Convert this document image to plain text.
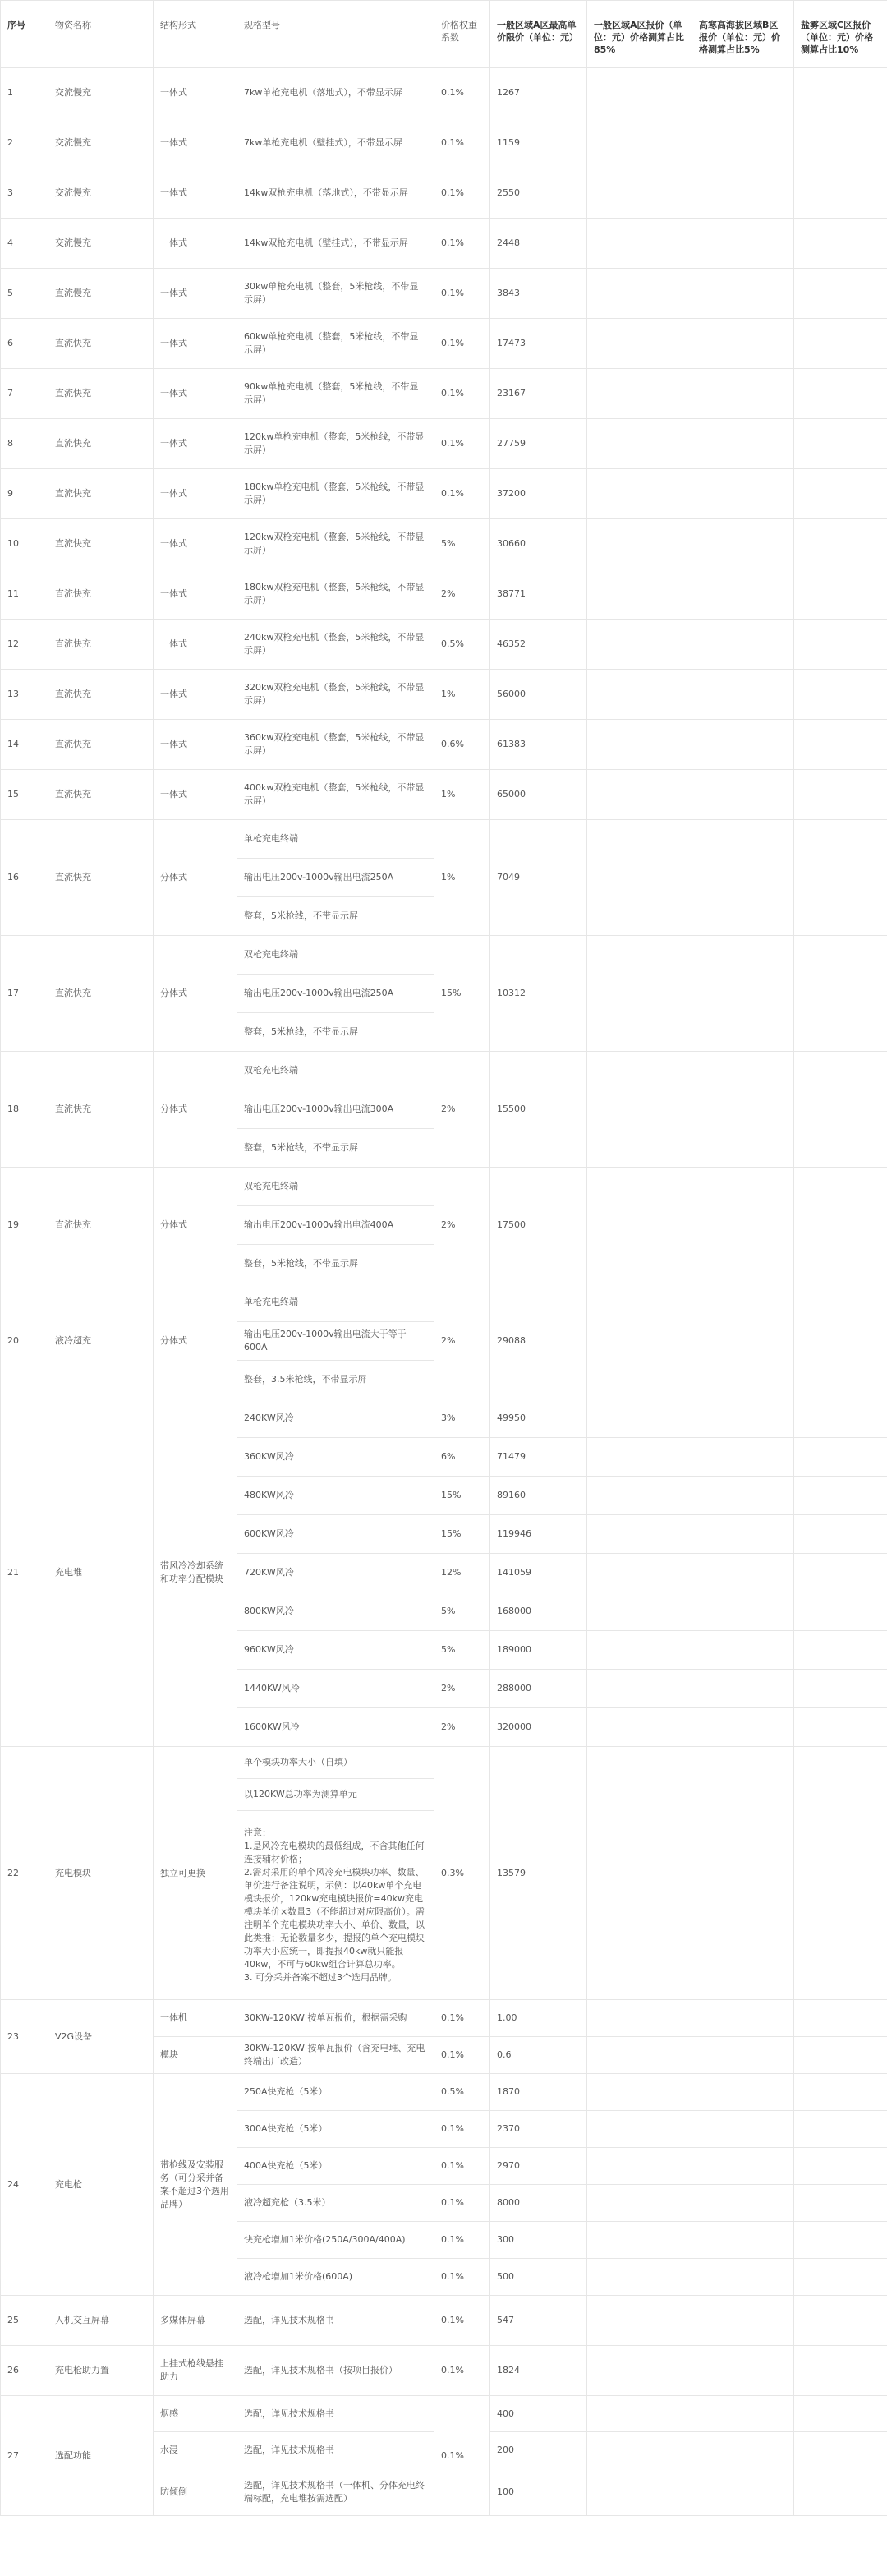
序号	物资名称	结构形式	规格型号	价格权重系数	一般区域A区最高单价限价（单位：元）	一般区域A区报价（单位：元）价格测算占比85%	高寒高海拔区域B区报价（单位：元）价格测算占比5%	盐雾区域C区报价（单位：元）价格测算占比10%
1	交流慢充	一体式	7kw单枪充电机（落地式），不带显示屏	0.1%	1267			
2	交流慢充	一体式	7kw单枪充电机（壁挂式），不带显示屏	0.1%	1159			
3	交流慢充	一体式	14kw双枪充电机（落地式），不带显示屏	0.1%	2550			
4	交流慢充	一体式	14kw双枪充电机（壁挂式），不带显示屏	0.1%	2448			
5	直流慢充	一体式	30kw单枪充电机（整套，5米枪线，不带显示屏）	0.1%	3843			
6	直流快充	一体式	60kw单枪充电机（整套，5米枪线，不带显示屏）	0.1%	17473			
7	直流快充	一体式	90kw单枪充电机（整套，5米枪线，不带显示屏）	0.1%	23167			
8	直流快充	一体式	120kw单枪充电机（整套，5米枪线，不带显示屏）	0.1%	27759			
9	直流快充	一体式	180kw单枪充电机（整套，5米枪线，不带显示屏）	0.1%	37200			
10	直流快充	一体式	120kw双枪充电机（整套，5米枪线，不带显示屏）	5%	30660			
11	直流快充	一体式	180kw双枪充电机（整套，5米枪线，不带显示屏）	2%	38771			
12	直流快充	一体式	240kw双枪充电机（整套，5米枪线，不带显示屏）	0.5%	46352			
13	直流快充	一体式	320kw双枪充电机（整套，5米枪线，不带显示屏）	1%	56000			
14	直流快充	一体式	360kw双枪充电机（整套，5米枪线，不带显示屏）	0.6%	61383			
15	直流快充	一体式	400kw双枪充电机（整套，5米枪线，不带显示屏）	1%	65000			
16	直流快充	分体式	单枪充电终端	1%	7049			
			输出电压200v-1000v输出电流250A					
			整套，5米枪线，不带显示屏					
17	直流快充	分体式	双枪充电终端	15%	10312			
			输出电压200v-1000v输出电流250A					
			整套，5米枪线，不带显示屏					
18	直流快充	分体式	双枪充电终端	2%	15500			
			输出电压200v-1000v输出电流300A					
			整套，5米枪线，不带显示屏					
19	直流快充	分体式	双枪充电终端	2%	17500			
			输出电压200v-1000v输出电流400A					
			整套，5米枪线，不带显示屏					
20	液冷超充	分体式	单枪充电终端	2%	29088			
			输出电压200v-1000v输出电流大于等于600A					
			整套，3.5米枪线，不带显示屏					
21	充电堆	带风冷冷却系统和功率分配模块	240KW风冷	3%	49950			
			360KW风冷	6%	71479			
			480KW风冷	15%	89160			
			600KW风冷	15%	119946			
			720KW风冷	12%	141059			
			800KW风冷	5%	168000			
			960KW风冷	5%	189000			
			1440KW风冷	2%	288000			
			1600KW风冷	2%	320000			
22	充电模块	独立可更换	单个模块功率大小（自填）	0.3%	13579			
			以120KW总功率为测算单元					
			注意：
1.是风冷充电模块的最低组成，不含其他任何连接辅材价格；
2.需对采用的单个风冷充电模块功率、数量、单价进行备注说明，示例：以40kw单个充电模块报价，120kw充电模块报价=40kw充电模块单价×数量3（不能超过对应限高价）。需注明单个充电模块功率大小、单价、数量，以此类推；无论数量多少，提报的单个充电模块功率大小应统一，即提报40kw就只能报40kw，不可与60kw组合计算总功率。
3. 可分采并备案不超过3个选用品牌。					
23	V2G设备	一体机	30KW-120KW 按单瓦报价，根据需采购	0.1%	1.00			
		模块	30KW-120KW 按单瓦报价（含充电堆、充电终端出厂改造）	0.1%	0.6			
24	充电枪	带枪线及安装服务（可分采并备案不超过3个选用品牌）	250A快充枪（5米）	0.5%	1870			
			300A快充枪（5米）	0.1%	2370			
			400A快充枪（5米）	0.1%	2970			
			液冷超充枪（3.5米）	0.1%	8000			
			快充枪增加1米价格(250A/300A/400A)	0.1%	300			
			液冷枪增加1米价格(600A)	0.1%	500			
25	人机交互屏幕	多媒体屏幕	选配，详见技术规格书	0.1%	547			
26	充电枪助力置	上挂式枪线悬挂助力	选配，详见技术规格书（按项目报价）	0.1%	1824			
27	选配功能	烟感	选配，详见技术规格书	0.1%	400			
		水浸	选配，详见技术规格书		200			
		防倾倒	选配，详见技术规格书（一体机、分体充电终端标配，充电堆按需选配）		100			
